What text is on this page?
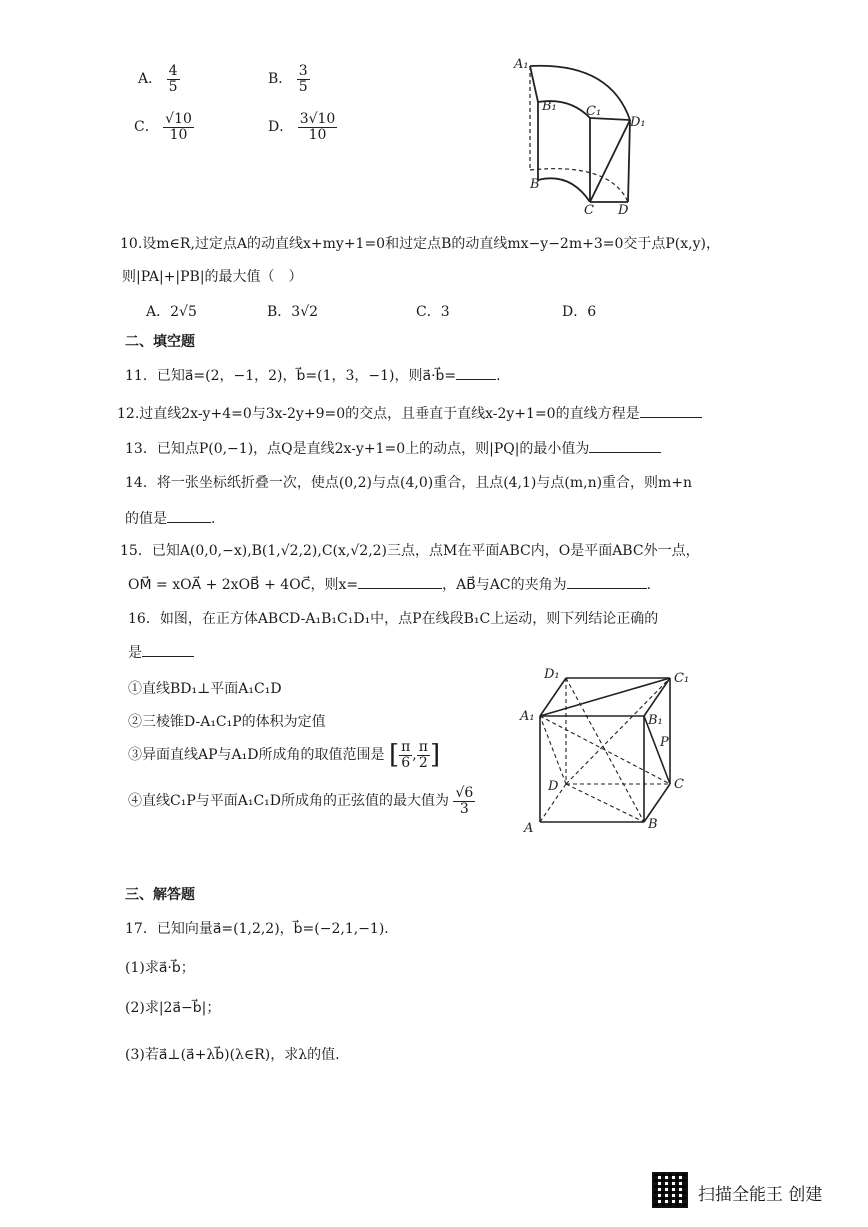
A． $\frac{4}{5}$	B． $\frac{3}{5}$
C． $\frac{√10}{10}$	D． $\frac{3√10}{10}$
A₁
B₁ C₁
D₁
B
C D
10.设m∈R,过定点A的动直线x+my+1=0和过定点B的动直线mx−y−2m+3=0交于点P(x,y)，
则|PA|+|PB|的最大值（　）
A．2√5	B．3√2	C．3	D．6
二、填空题
11．已知a⃗=(2，−1，2)，b⃗=(1，3，−1)，则a⃗·b⃗=	.
12.过直线2x-y+4=0与3x-2y+9=0的交点，且垂直于直线x-2y+1=0的直线方程是
13．已知点P(0,−1)，点Q是直线2x-y+1=0上的动点，则|PQ|的最小值为
14．将一张坐标纸折叠一次，使点(0,2)与点(4,0)重合，且点(4,1)与点(m,n)重合，则m+n
的值是	.
15．已知A(0,0,−x),B(1,√2,2),C(x,√2,2)三点，点M在平面ABC内，O是平面ABC外一点，
OM⃗ = xOA⃗ + 2xOB⃗ + 4OC⃗，则x=	，AB⃗与AC的夹角为	.
16．如图，在正方体ABCD-A₁B₁C₁D₁中，点P在线段B₁C上运动，则下列结论正确的
是
①直线BD₁⊥平面A₁C₁D
②三棱锥D-A₁C₁P的体积为定值
③异面直线AP与A₁D所成角的取值范围是 [ $\frac{\pi}{6}$ , $\frac{\pi}{2}$ ]
④直线C₁P与平面A₁C₁D所成角的正弦值的最大值为 $\frac{√6}{3}$
D₁	C₁
A₁	B₁
P
D	C
A	B
三、解答题
17．已知向量a⃗=(1,2,2)，b⃗=(−2,1,−1)．
(1)求a⃗·b⃗；
(2)求|2a⃗−b⃗|；
(3)若a⃗⊥(a⃗+λb⃗)(λ∈R)，求λ的值.
扫描全能王 创建
